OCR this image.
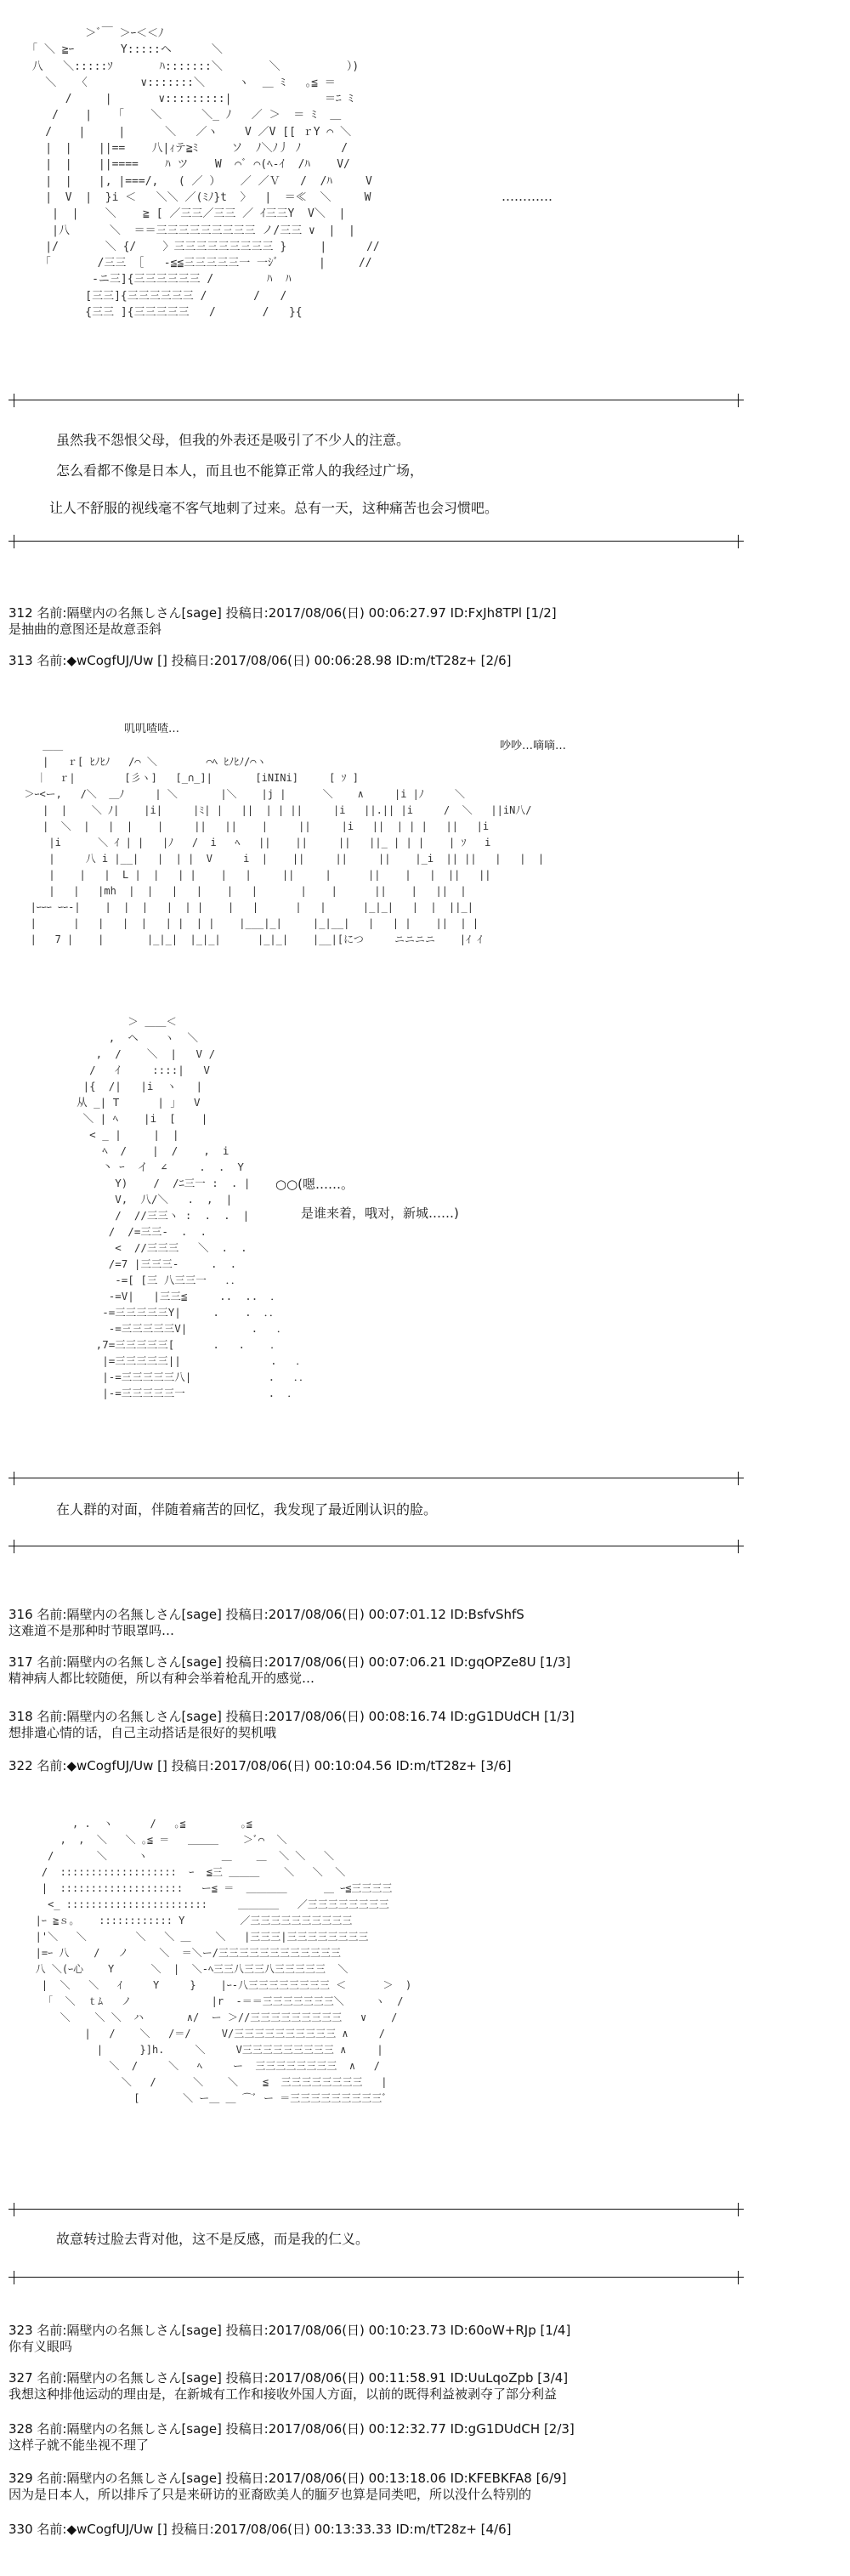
＞ﾞ￣ ＞ｰ＜＜ﾉ
｢ ＼ ≧ｰ       Y:::::ヘ      ＼
八   ＼:::::ｿ       ﾊ:::::::＼       ＼          ）)
＼   〈        ∨:::::::＼     ヽ  ＿ ﾐ   ｡≦ ＝
/     |       ∨:::::::::|              ＝ﾆ ﾐ
/    |    ｢    ＼      ＼_ ﾉ   ／ ＞  ＝ ﾐ  ＿
/    |     |      ＼   ／ヽ    V ／V [[ ｒY ⌒ ＼
|  |    ||==    八|ｨテ≧ﾐ     ソ  ﾉ＼ﾉ丿 ﾉ      /
|  |    ||====    ﾊ ツ    W  ⌒ﾞ ⌒(ﾍ-ｲ  /ﾊ    V/
|  |    |, |===/,   ( ／ ）   ／ ／Ｖ   /  /ﾊ     V
|  V  |  }i ＜   ＼＼ ／(ﾐﾉ}t  〉  |  ＝≪  ＼     W
|  |    ＼    ≧ [ ／三三／三三 ／ ｲ三三Y  V＼  |
|八      ＼  ＝＝三三三三三三三三三 ノ/三三 ∨  |  |
|/       ＼ {/    〉三三三三三三三三三 }     |      //
｢       /三三 ［   -≦≦三三三三三一 一ｼﾞ      |     //
-ニ三]{三三三三三三 /        ﾊ  ﾊ
[三三]{三三三三三三 /       /   /
{三三 ]{三三三三三   /       /   }{
…………
虽然我不怨恨父母，但我的外表还是吸引了不少人的注意。
怎么看都不像是日本人，而且也不能算正常人的我经过广场，
让人不舒服的视线毫不客气地刺了过来。总有一天，这种痛苦也会习惯吧。
312 名前:隔壁内の名無しさん[sage] 投稿日:2017/08/06(日) 00:06:27.97 ID:FxJh8TPl [1/2]
是抽曲的意图还是故意歪斜
313 名前:◆wCogfUJ/Uw [] 投稿日:2017/08/06(日) 00:06:28.98 ID:m/tT28z+ [2/6]
叽叽喳喳…
吵吵…嘀嘀…
＿＿
|   ｒ[ ﾋﾉﾋﾉ   /⌒ ＼        ⌒ﾍ ﾋﾉﾋﾉ/⌒ヽ
｜  ｒ|        [彡ヽ]   [_∩_]|       [iNINi]     [ ｿ ]
＞ｰ<ー,   /＼  ＿ﾉ     | ＼       |＼    |j |      ＼    ∧     |i |ﾉ     ＼
|  |    ＼ ﾉ|    |i|     |ﾐ| |   ||  | | ||     |i   ||.|| |i     /  ＼   ||iN八/
|  ＼  |   |  |    |     ||   ||    |     ||     |i   ||  | | |   ||   |i
|i      ＼ ｲ | |   |ﾉ   /  i   ﾍ   ||    ||     ||   ||_ | | |    | ｿ   i
|     八 i |__|   |  | |  V     i  |    ||     ||     ||    |_i  || ||   |   |  |
|    |   |  L |  |   | |    |   |     ||     |      ||    |   |  ||   ||
|   |   |mh  |  |   |   |    |   |       |    |      ||    |   ||  |
|ｰｰｰ ｰｰ-|    |  |  |   |  | |    |   |      |   |      |_|_|   |  |  ||_|
|      |   |   |  |   | |  | |    |___|_|     |_|__|   |   | |    ||  | |
|   7 |    |       |_|_|  |_|_|      |_|_|    |__|[につ     ニニニニ    |ｲ ｲ
＞ ＿＿＜
,  ヘ    ヽ  ＼
,  /    ＼  |   V /
/   ｲ     ::::|   V
|{  /|   |i  ヽ   |
从 _| T      | 」  V
＼ | ﾍ    |i  [    |
< _ |     |  |
ﾍ  /    |  /    ,  i
丶 ｰ  イ  ∠     .  .  Y
Y)    /  /ﾆ三一 :  . |
V,  八/＼   .  ,  |
/  //三三ヽ :  .  .  |
/  /=三三-  .  .
<  //三三三   ＼  .  .
/=7 |三三三-     .  .
-=[ [三 八三三一   ．．
-=V|   |三三≦     ..  ..  ．
-=三三三三三Y|     .    .  ．．
-=三三三三三V|          .   ．
,7=三三三三三[      .   .    ．
|=三三三三三||              .   ．
|-=三三三三三八|            .   ．．
|-=三三三三三一             .  ．
○○(嗯……。
是谁来着，哦对，新城……)
在人群的对面，伴随着痛苦的回忆，我发现了最近刚认识的脸。
316 名前:隔壁内の名無しさん[sage] 投稿日:2017/08/06(日) 00:07:01.12 ID:BsfvShfS
这难道不是那种时节眼罩吗…
317 名前:隔壁内の名無しさん[sage] 投稿日:2017/08/06(日) 00:07:06.21 ID:gqOPZe8U [1/3]
精神病人都比较随便，所以有种会举着枪乱开的感觉…
318 名前:隔壁内の名無しさん[sage] 投稿日:2017/08/06(日) 00:08:16.74 ID:gG1DUdCH [1/3]
想排遣心情的话，自己主动搭话是很好的契机哦
322 名前:◆wCogfUJ/Uw [] 投稿日:2017/08/06(日) 00:10:04.56 ID:m/tT28z+ [3/6]
, .  ヽ      /   ｡≦         ｡≦
,  ,  ＼   ＼ ｡≦ ＝   ＿＿＿    ＞ﾞ⌒  ＼
/       ＼     ヽ            ＿    ＿  ＼ ＼   ＼
/  :::::::::::::::::::  ｰ  ≦三 ＿＿＿    ＼   ＼  ＼
|  ::::::::::::::::::::   ー≦ ＝  ＿＿＿＿      ＿ ｰ≦三三三三
<_ :::::::::::::::::::::::     ＿＿＿＿   ／三三三三三三三三
|ｰ ≧ｓ｡    :::::::::::: Y         ／三三三三三三三三三三
|'＼   ＼        ＼   ＼ ＿    ＼   |三三三|三三三三三三三三
|=ｰ 八    /   ノ     ＼  ＝＼ー/三三三三三三三三三三三三
八 ＼(ｰ心    Y      ＼  |  ＼-ﾍ三三八三三八三三三三三  ＼
|  ＼   ＼   ｲ     Y     }    |ｰ-八三三三三三三三三 ＜      ＞  )
｢  ＼  ｔﾑ   ノ             |r  -＝＝三三三三三三三＼     ヽ  /
＼    ＼ ＼  ハ       ∧/  ー ＞//三三三三三三三三三   ∨    /
|   /    ＼   /＝/     V/三三三三三三三三三三 ∧     /
|      }]h.     ＼     V三三三三三三三三三 ∧     |
＼  /     ＼   ﾍ     ー  三三三三三三三三  ∧   /
＼   /      ＼    ＼    ≦  三三三三三三三三   |
[       ＼ ー＿ ＿ ⌒ﾞ ー ＝三三三三三三三三三ﾞ
故意转过脸去背对他，这不是反感，而是我的仁义。
323 名前:隔壁内の名無しさん[sage] 投稿日:2017/08/06(日) 00:10:23.73 ID:60oW+RJp [1/4]
你有义眼吗
327 名前:隔壁内の名無しさん[sage] 投稿日:2017/08/06(日) 00:11:58.91 ID:UuLqoZpb [3/4]
我想这种排他运动的理由是，在新城有工作和接收外国人方面，以前的既得利益被剥夺了部分利益
328 名前:隔壁内の名無しさん[sage] 投稿日:2017/08/06(日) 00:12:32.77 ID:gG1DUdCH [2/3]
这样子就不能坐视不理了
329 名前:隔壁内の名無しさん[sage] 投稿日:2017/08/06(日) 00:13:18.06 ID:KFEBKFA8 [6/9]
因为是日本人，所以排斥了只是来研访的亚裔欧美人的腼歹也算是同类吧，所以没什么特别的
330 名前:◆wCogfUJ/Uw [] 投稿日:2017/08/06(日) 00:13:33.33 ID:m/tT28z+ [4/6]
